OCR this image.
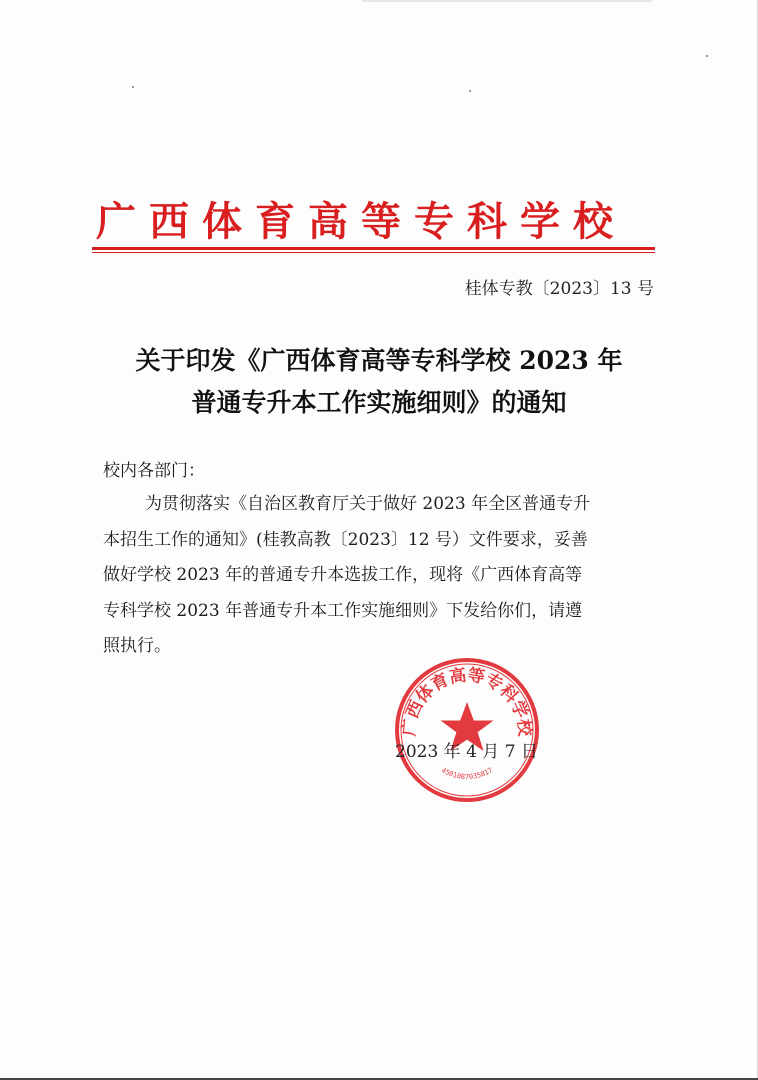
广西体育高等专科学校
桂体专教〔2023〕13 号
关于印发《广西体育高等专科学校 2023 年
普通专升本工作实施细则》的通知
校内各部门：
为贯彻落实《自治区教育厅关于做好 2023 年全区普通专升
本招生工作的通知》(桂教高教〔2023〕12 号）文件要求，妥善
做好学校 2023 年的普通专升本选拔工作，现将《广西体育高等
专科学校 2023 年普通专升本工作实施细则》下发给你们，请遵
照执行。
广西体育高等专科学校
4501087035817
2023 年 4 月 7 日
